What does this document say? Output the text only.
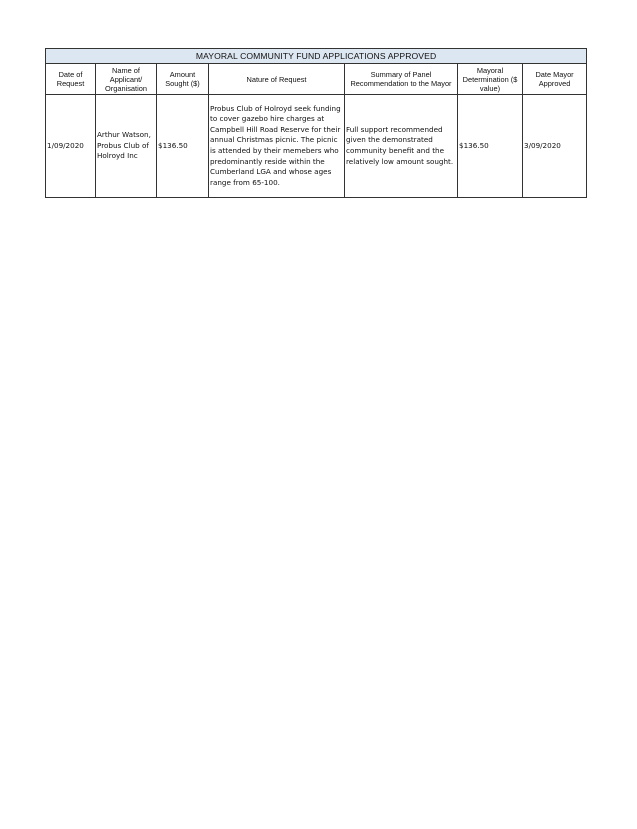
MAYORAL COMMUNITY FUND APPLICATIONS APPROVED						
Date of Request	Name of Applicant/ Organisation	Amount Sought ($)	Nature of Request	Summary of Panel Recommendation to the Mayor	Mayoral Determination ($ value)	Date Mayor Approved
1/09/2020	Arthur Watson, Probus Club of Holroyd Inc	$136.50	Probus Club of Holroyd seek funding to cover gazebo hire charges at Campbell Hill Road Reserve for their annual Christmas picnic. The picnic is attended by their memebers who predominantly reside within the Cumberland LGA and whose ages range from 65-100.	Full support recommended given the demonstrated community benefit and the relatively low amount sought.	$136.50	3/09/2020
